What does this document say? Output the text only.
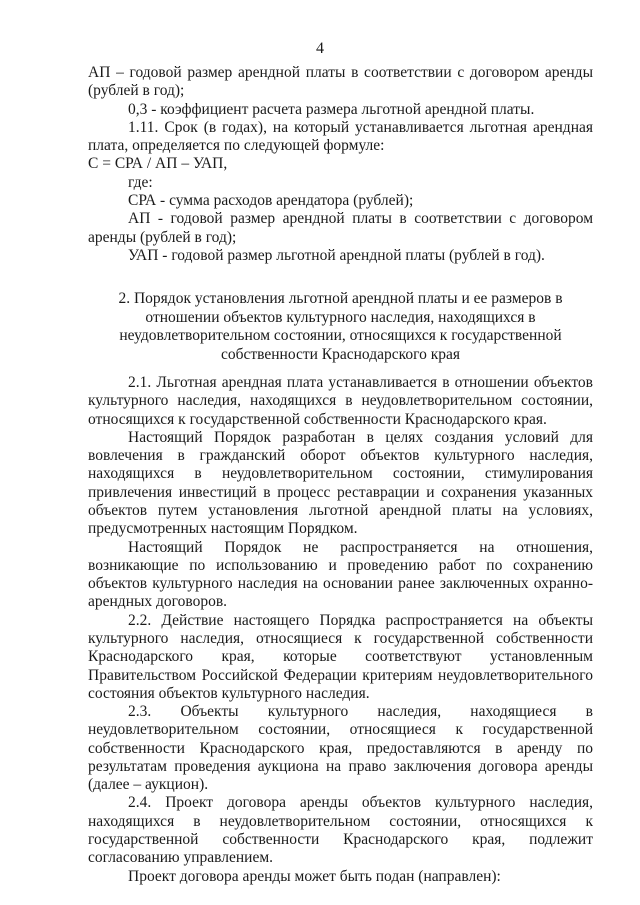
4

АП – годовой размер арендной платы в соответствии с договором аренды (рублей в год);

0,3 - коэффициент расчета размера льготной арендной платы.

1.11. Срок (в годах), на который устанавливается льготная арендная плата, определяется по следующей формуле:

С = СРА / АП – УАП,

где:

СРА - сумма расходов арендатора (рублей);

АП - годовой размер арендной платы в соответствии с договором аренды (рублей в год);

УАП - годовой размер льготной арендной платы (рублей в год).

2. Порядок установления льготной арендной платы и ее размеров в отношении объектов культурного наследия, находящихся в неудовлетворительном состоянии, относящихся к государственной собственности Краснодарского края

2.1. Льготная арендная плата устанавливается в отношении объектов культурного наследия, находящихся в неудовлетворительном состоянии, относящихся к государственной собственности Краснодарского края.

Настоящий Порядок разработан в целях создания условий для вовлечения в гражданский оборот объектов культурного наследия, находящихся в неудовлетворительном состоянии, стимулирования привлечения инвестиций в процесс реставрации и сохранения указанных объектов путем установления льготной арендной платы на условиях, предусмотренных настоящим Порядком.

Настоящий Порядок не распространяется на отношения, возникающие по использованию и проведению работ по сохранению объектов культурного наследия на основании ранее заключенных охранно-арендных договоров.

2.2. Действие настоящего Порядка распространяется на объекты культурного наследия, относящиеся к государственной собственности Краснодарского края, которые соответствуют установленным Правительством Российской Федерации критериям неудовлетворительного состояния объектов культурного наследия.

2.3. Объекты культурного наследия, находящиеся в неудовлетворительном состоянии, относящиеся к государственной собственности Краснодарского края, предоставляются в аренду по результатам проведения аукциона на право заключения договора аренды (далее – аукцион).

2.4. Проект договора аренды объектов культурного наследия, находящихся в неудовлетворительном состоянии, относящихся к государственной собственности Краснодарского края, подлежит согласованию управлением.

Проект договора аренды может быть подан (направлен):
